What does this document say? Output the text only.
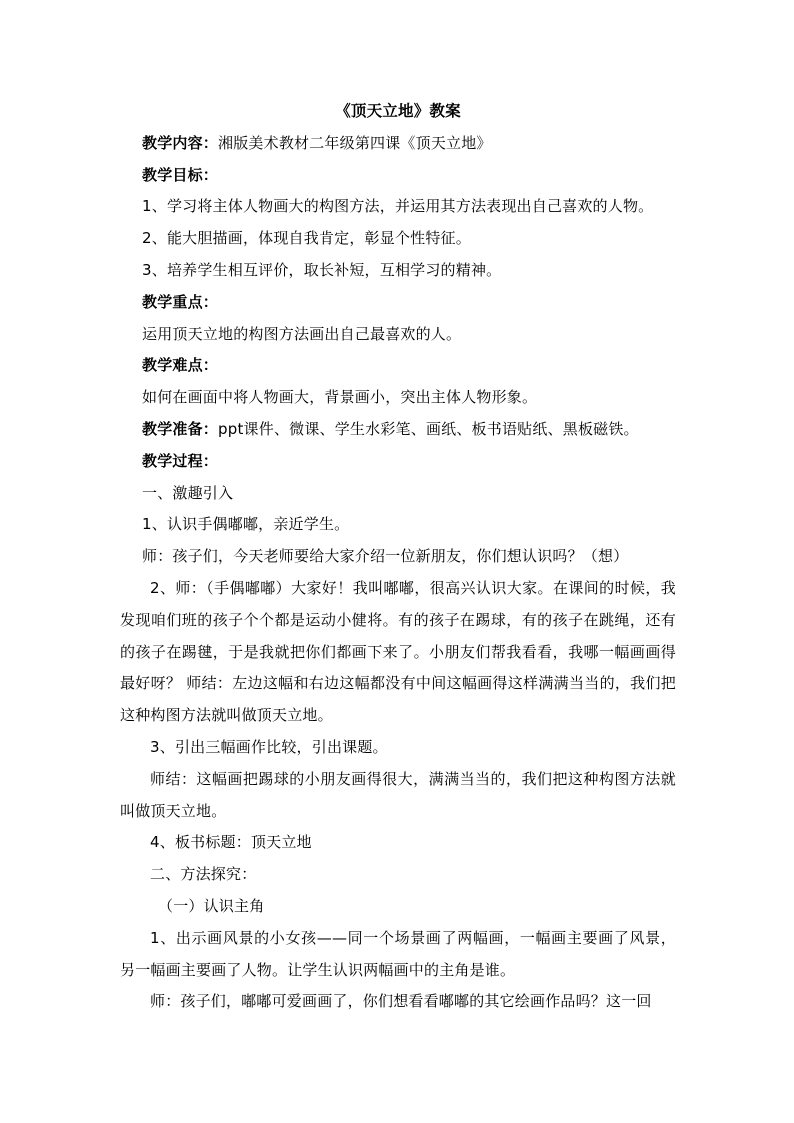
《顶天立地》教案
教学内容：湘版美术教材二年级第四课《顶天立地》
教学目标：
1、学习将主体人物画大的构图方法，并运用其方法表现出自己喜欢的人物。
2、能大胆描画，体现自我肯定，彰显个性特征。
3、培养学生相互评价，取长补短，互相学习的精神。
教学重点：
运用顶天立地的构图方法画出自己最喜欢的人。
教学难点：
如何在画面中将人物画大，背景画小，突出主体人物形象。
教学准备：ppt课件、微课、学生水彩笔、画纸、板书语贴纸、黑板磁铁。
教学过程：
一、激趣引入
1、认识手偶嘟嘟，亲近学生。
师：孩子们，今天老师要给大家介绍一位新朋友，你们想认识吗？（想）
2、师：（手偶嘟嘟）大家好！我叫嘟嘟，很高兴认识大家。在课间的时候，我发现咱们班的孩子个个都是运动小健将。有的孩子在踢球，有的孩子在跳绳，还有的孩子在踢毽，于是我就把你们都画下来了。小朋友们帮我看看，我哪一幅画画得最好呀？ 师结：左边这幅和右边这幅都没有中间这幅画得这样满满当当的，我们把这种构图方法就叫做顶天立地。
3、引出三幅画作比较，引出课题。
师结：这幅画把踢球的小朋友画得很大，满满当当的，我们把这种构图方法就叫做顶天立地。
4、板书标题：顶天立地
二、方法探究：
（一）认识主角
1、出示画风景的小女孩——同一个场景画了两幅画，一幅画主要画了风景，另一幅画主要画了人物。让学生认识两幅画中的主角是谁。
师：孩子们，嘟嘟可爱画画了，你们想看看嘟嘟的其它绘画作品吗？这一回
